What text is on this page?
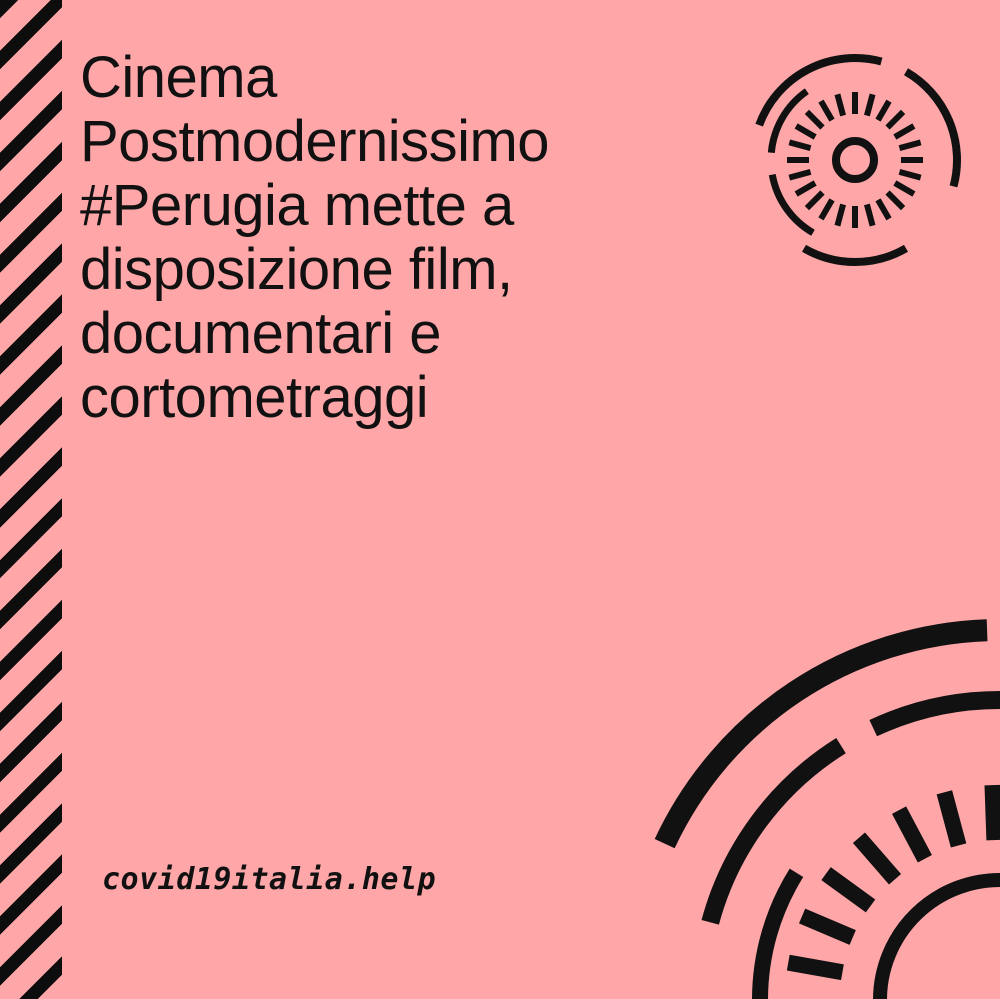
Cinema
Postmodernissimo
#Perugia mette a
disposizione film,
documentari e
cortometraggi

covid19italia.help
